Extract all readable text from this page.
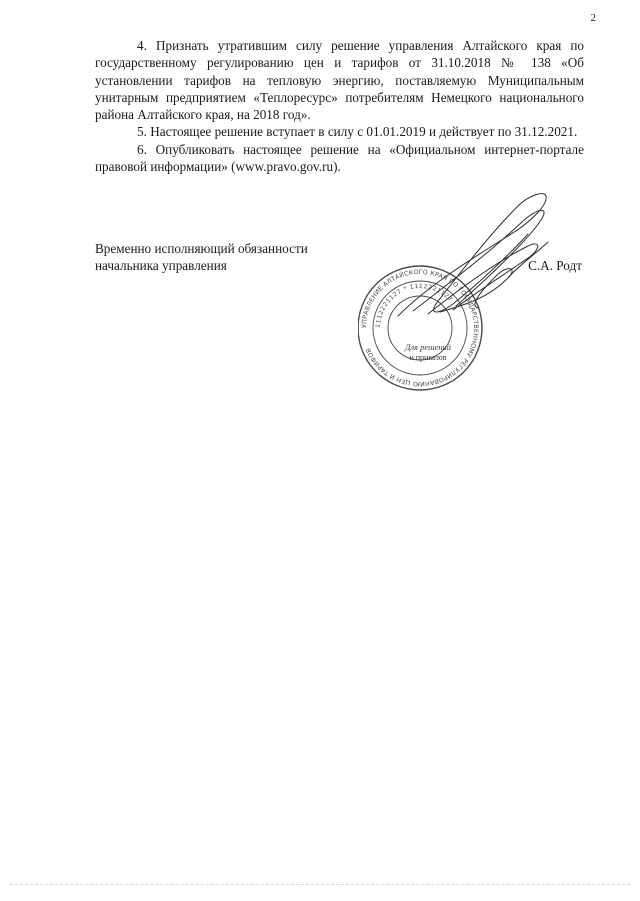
2

4. Признать утратившим силу решение управления Алтайского края по государственному регулированию цен и тарифов от 31.10.2018 № 138 «Об установлении тарифов на тепловую энергию, поставляемую Муниципальным унитарным предприятием «Теплоресурс» потребителям Немецкого национального района Алтайского края, на 2018 год».

5. Настоящее решение вступает в силу с 01.01.2019 и действует по 31.12.2021.

6. Опубликовать настоящее решение на «Официальном интернет-портале правовой информации» (www.pravo.gov.ru).

Временно исполняющий обязанности
начальника управления	С.А. Родт
УПРАВЛЕНИЕ АЛТАЙСКОГО КРАЯ ПО ГОСУДАРСТВЕННОМУ РЕГУЛИРОВАНИЮ ЦЕН И ТАРИФОВ
1112221127 * 1112221127
Для решений
и приказов
